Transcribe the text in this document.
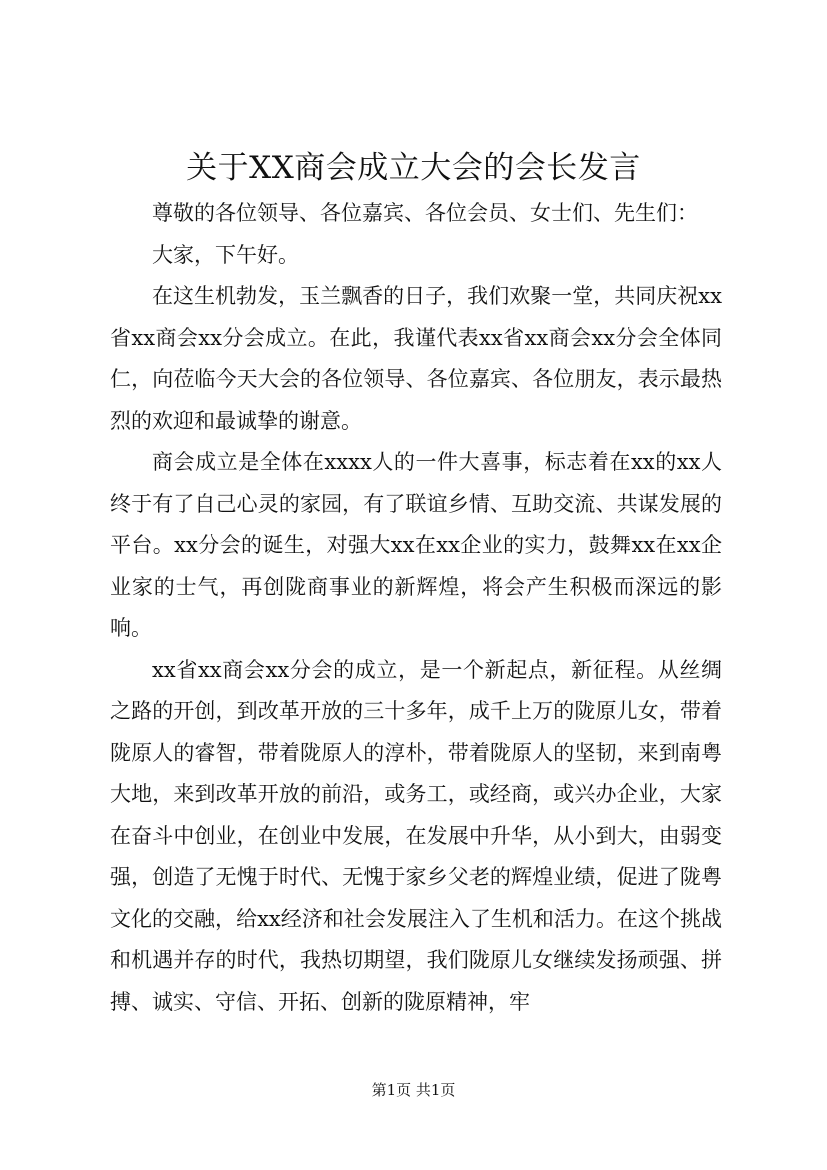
关于XX商会成立大会的会长发言

尊敬的各位领导、各位嘉宾、各位会员、女士们、先生们：

大家，下午好。

在这生机勃发，玉兰飘香的日子，我们欢聚一堂，共同庆祝xx省xx商会xx分会成立。在此，我谨代表xx省xx商会xx分会全体同仁，向莅临今天大会的各位领导、各位嘉宾、各位朋友，表示最热烈的欢迎和最诚挚的谢意。

商会成立是全体在xxxx人的一件大喜事，标志着在xx的xx人终于有了自己心灵的家园，有了联谊乡情、互助交流、共谋发展的平台。xx分会的诞生，对强大xx在xx企业的实力，鼓舞xx在xx企业家的士气，再创陇商事业的新辉煌，将会产生积极而深远的影响。

xx省xx商会xx分会的成立，是一个新起点，新征程。从丝绸之路的开创，到改革开放的三十多年，成千上万的陇原儿女，带着陇原人的睿智，带着陇原人的淳朴，带着陇原人的坚韧，来到南粤大地，来到改革开放的前沿，或务工，或经商，或兴办企业，大家在奋斗中创业，在创业中发展，在发展中升华，从小到大，由弱变强，创造了无愧于时代、无愧于家乡父老的辉煌业绩，促进了陇粤文化的交融，给xx经济和社会发展注入了生机和活力。在这个挑战和机遇并存的时代，我热切期望，我们陇原儿女继续发扬顽强、拼搏、诚实、守信、开拓、创新的陇原精神，牢

第1页 共1页
